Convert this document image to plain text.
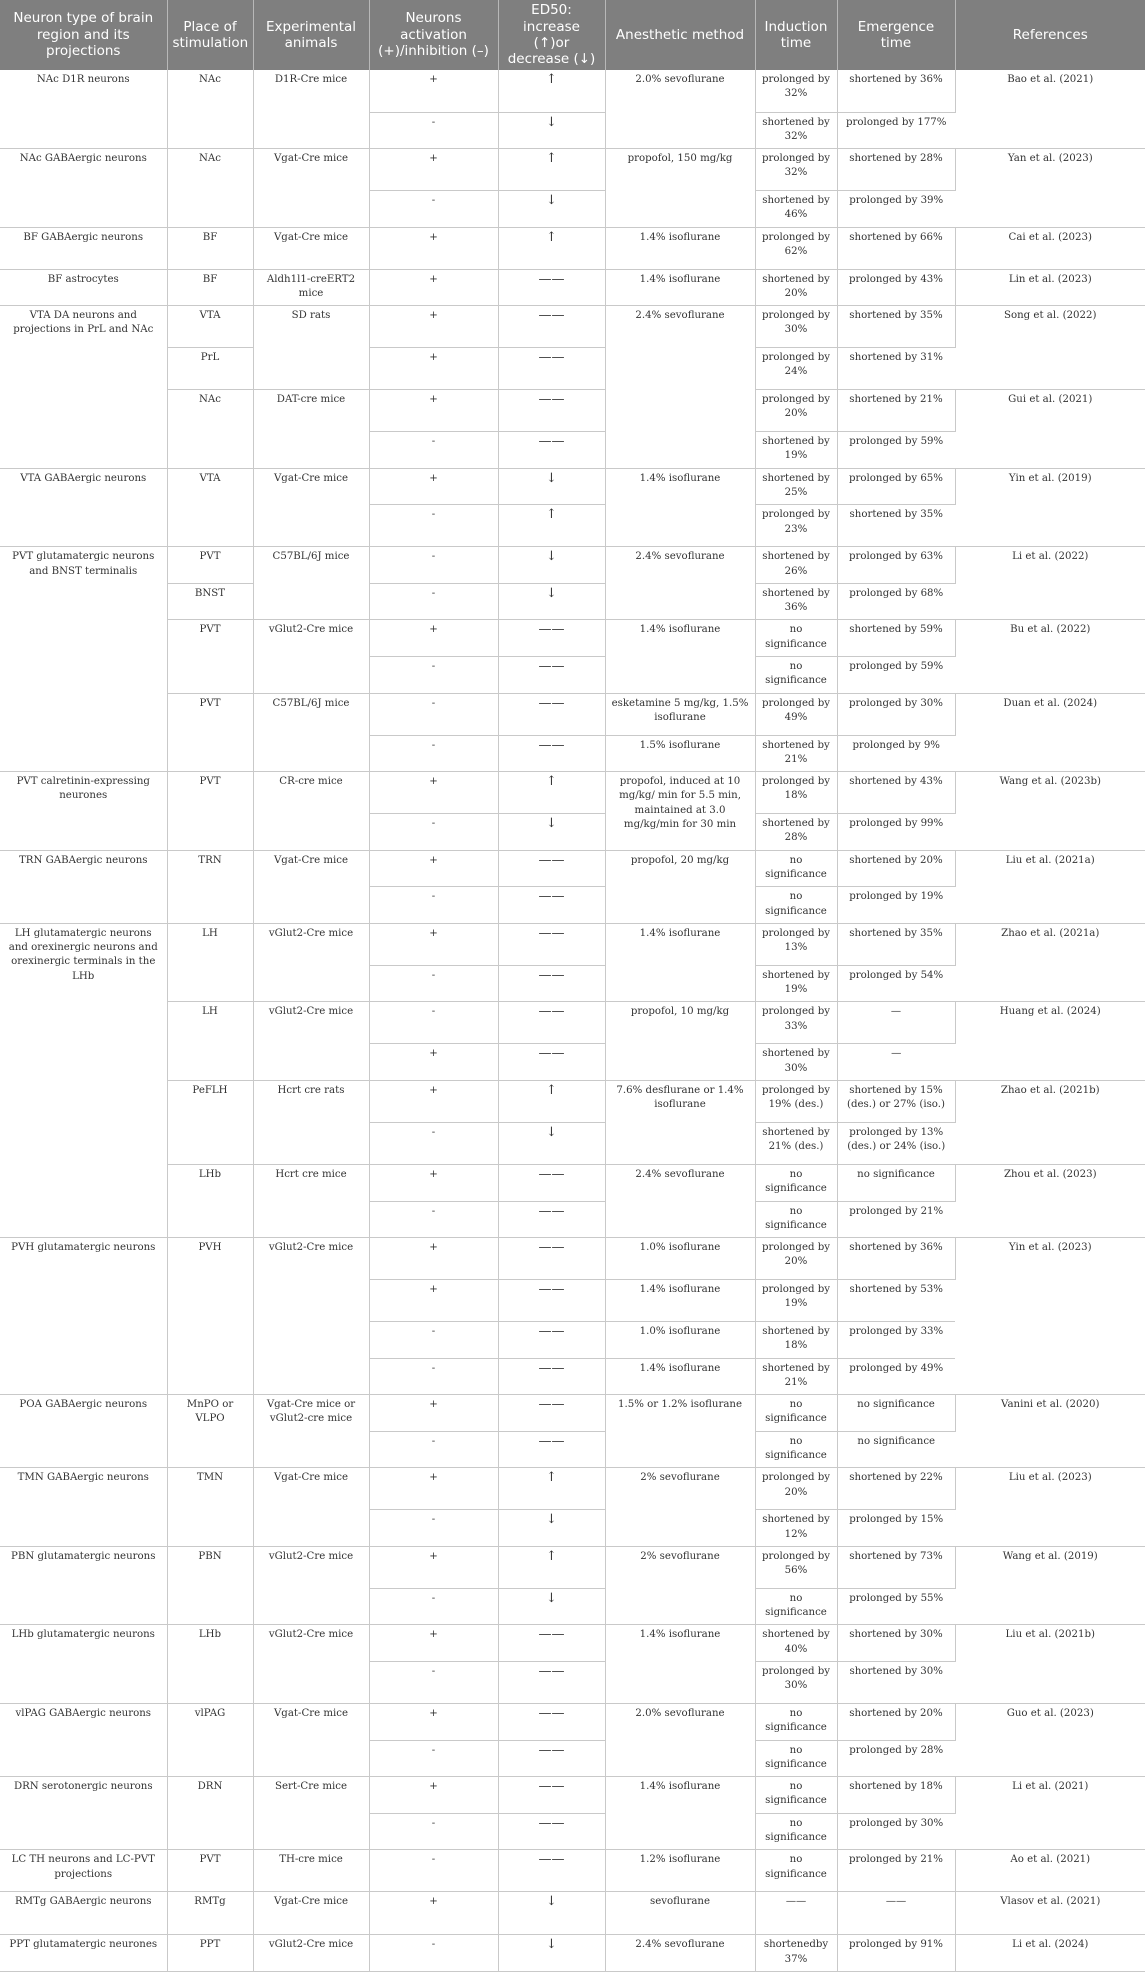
Neuron type of brain region and its projections	Place of stimulation	Experimental animals	Neurons activation (+)/inhibition (–)	ED50: increase (↑)or decrease (↓)	Anesthetic method	Induction time	Emergence time	References
NAc D1R neurons	NAc	D1R-Cre mice	+	↑	2.0% sevoflurane	prolonged by 32%	shortened by 36%	Bao et al. (2021)
			-	↓		shortened by 32%	prolonged by 177%	
NAc GABAergic neurons	NAc	Vgat-Cre mice	+	↑	propofol, 150 mg/kg	prolonged by 32%	shortened by 28%	Yan et al. (2023)
			-	↓		shortened by 46%	prolonged by 39%	
BF GABAergic neurons	BF	Vgat-Cre mice	+	↑	1.4% isoflurane	prolonged by 62%	shortened by 66%	Cai et al. (2023)
BF astrocytes	BF	Aldh1l1-creERT2 mice	+	——	1.4% isoflurane	shortened by 20%	prolonged by 43%	Lin et al. (2023)
VTA DA neurons and projections in PrL and NAc	VTA	SD rats	+	——	2.4% sevoflurane	prolonged by 30%	shortened by 35%	Song et al. (2022)
	PrL		+	——		prolonged by 24%	shortened by 31%	
	NAc	DAT-cre mice	+	——		prolonged by 20%	shortened by 21%	Gui et al. (2021)
			-	——		shortened by 19%	prolonged by 59%	
VTA GABAergic neurons	VTA	Vgat-Cre mice	+	↓	1.4% isoflurane	shortened by 25%	prolonged by 65%	Yin et al. (2019)
			-	↑		prolonged by 23%	shortened by 35%	
PVT glutamatergic neurons and BNST terminalis	PVT	C57BL/6J mice	-	↓	2.4% sevoflurane	shortened by 26%	prolonged by 63%	Li et al. (2022)
	BNST		-	↓		shortened by 36%	prolonged by 68%	
	PVT	vGlut2-Cre mice	+	——	1.4% isoflurane	no significance	shortened by 59%	Bu et al. (2022)
			-	——		no significance	prolonged by 59%	
	PVT	C57BL/6J mice	-	——	esketamine 5 mg/kg, 1.5% isoflurane	prolonged by 49%	prolonged by 30%	Duan et al. (2024)
			-	——	1.5% isoflurane	shortened by 21%	prolonged by 9%	
PVT calretinin-expressing neurones	PVT	CR-cre mice	+	↑	propofol, induced at 10 mg/kg/ min for 5.5 min, maintained at 3.0 mg/kg/min for 30 min	prolonged by 18%	shortened by 43%	Wang et al. (2023b)
			-	↓		shortened by 28%	prolonged by 99%	
TRN GABAergic neurons	TRN	Vgat-Cre mice	+	——	propofol, 20 mg/kg	no significance	shortened by 20%	Liu et al. (2021a)
			-	——		no significance	prolonged by 19%	
LH glutamatergic neurons and orexinergic neurons and orexinergic terminals in the LHb	LH	vGlut2-Cre mice	+	——	1.4% isoflurane	prolonged by 13%	shortened by 35%	Zhao et al. (2021a)
			-	——		shortened by 19%	prolonged by 54%	
	LH	vGlut2-Cre mice	-	——	propofol, 10 mg/kg	prolonged by 33%	—	Huang et al. (2024)
			+	——		shortened by 30%	—	
	PeFLH	Hcrt cre rats	+	↑	7.6% desflurane or 1.4% isoflurane	prolonged by 19% (des.)	shortened by 15% (des.) or 27% (iso.)	Zhao et al. (2021b)
			-	↓		shortened by 21% (des.)	prolonged by 13% (des.) or 24% (iso.)	
	LHb	Hcrt cre mice	+	——	2.4% sevoflurane	no significance	no significance	Zhou et al. (2023)
			-	——		no significance	prolonged by 21%	
PVH glutamatergic neurons	PVH	vGlut2-Cre mice	+	——	1.0% isoflurane	prolonged by 20%	shortened by 36%	Yin et al. (2023)
			+	——	1.4% isoflurane	prolonged by 19%	shortened by 53%	
			-	——	1.0% isoflurane	shortened by 18%	prolonged by 33%	
			-	——	1.4% isoflurane	shortened by 21%	prolonged by 49%	
POA GABAergic neurons	MnPO or VLPO	Vgat-Cre mice or vGlut2-cre mice	+	——	1.5% or 1.2% isoflurane	no significance	no significance	Vanini et al. (2020)
			-	——		no significance	no significance	
TMN GABAergic neurons	TMN	Vgat-Cre mice	+	↑	2% sevoflurane	prolonged by 20%	shortened by 22%	Liu et al. (2023)
			-	↓		shortened by 12%	prolonged by 15%	
PBN glutamatergic neurons	PBN	vGlut2-Cre mice	+	↑	2% sevoflurane	prolonged by 56%	shortened by 73%	Wang et al. (2019)
			-	↓		no significance	prolonged by 55%	
LHb glutamatergic neurons	LHb	vGlut2-Cre mice	+	——	1.4% isoflurane	shortened by 40%	shortened by 30%	Liu et al. (2021b)
			-	——		prolonged by 30%	shortened by 30%	
vlPAG GABAergic neurons	vlPAG	Vgat-Cre mice	+	——	2.0% sevoflurane	no significance	shortened by 20%	Guo et al. (2023)
			-	——		no significance	prolonged by 28%	
DRN serotonergic neurons	DRN	Sert-Cre mice	+	——	1.4% isoflurane	no significance	shortened by 18%	Li et al. (2021)
			-	——		no significance	prolonged by 30%	
LC TH neurons and LC-PVT projections	PVT	TH-cre mice	-	——	1.2% isoflurane	no significance	prolonged by 21%	Ao et al. (2021)
RMTg GABAergic neurons	RMTg	Vgat-Cre mice	+	↓	sevoflurane	——	——	Vlasov et al. (2021)
PPT glutamatergic neurones	PPT	vGlut2-Cre mice	-	↓	2.4% sevoflurane	shortenedby 37%	prolonged by 91%	Li et al. (2024)
